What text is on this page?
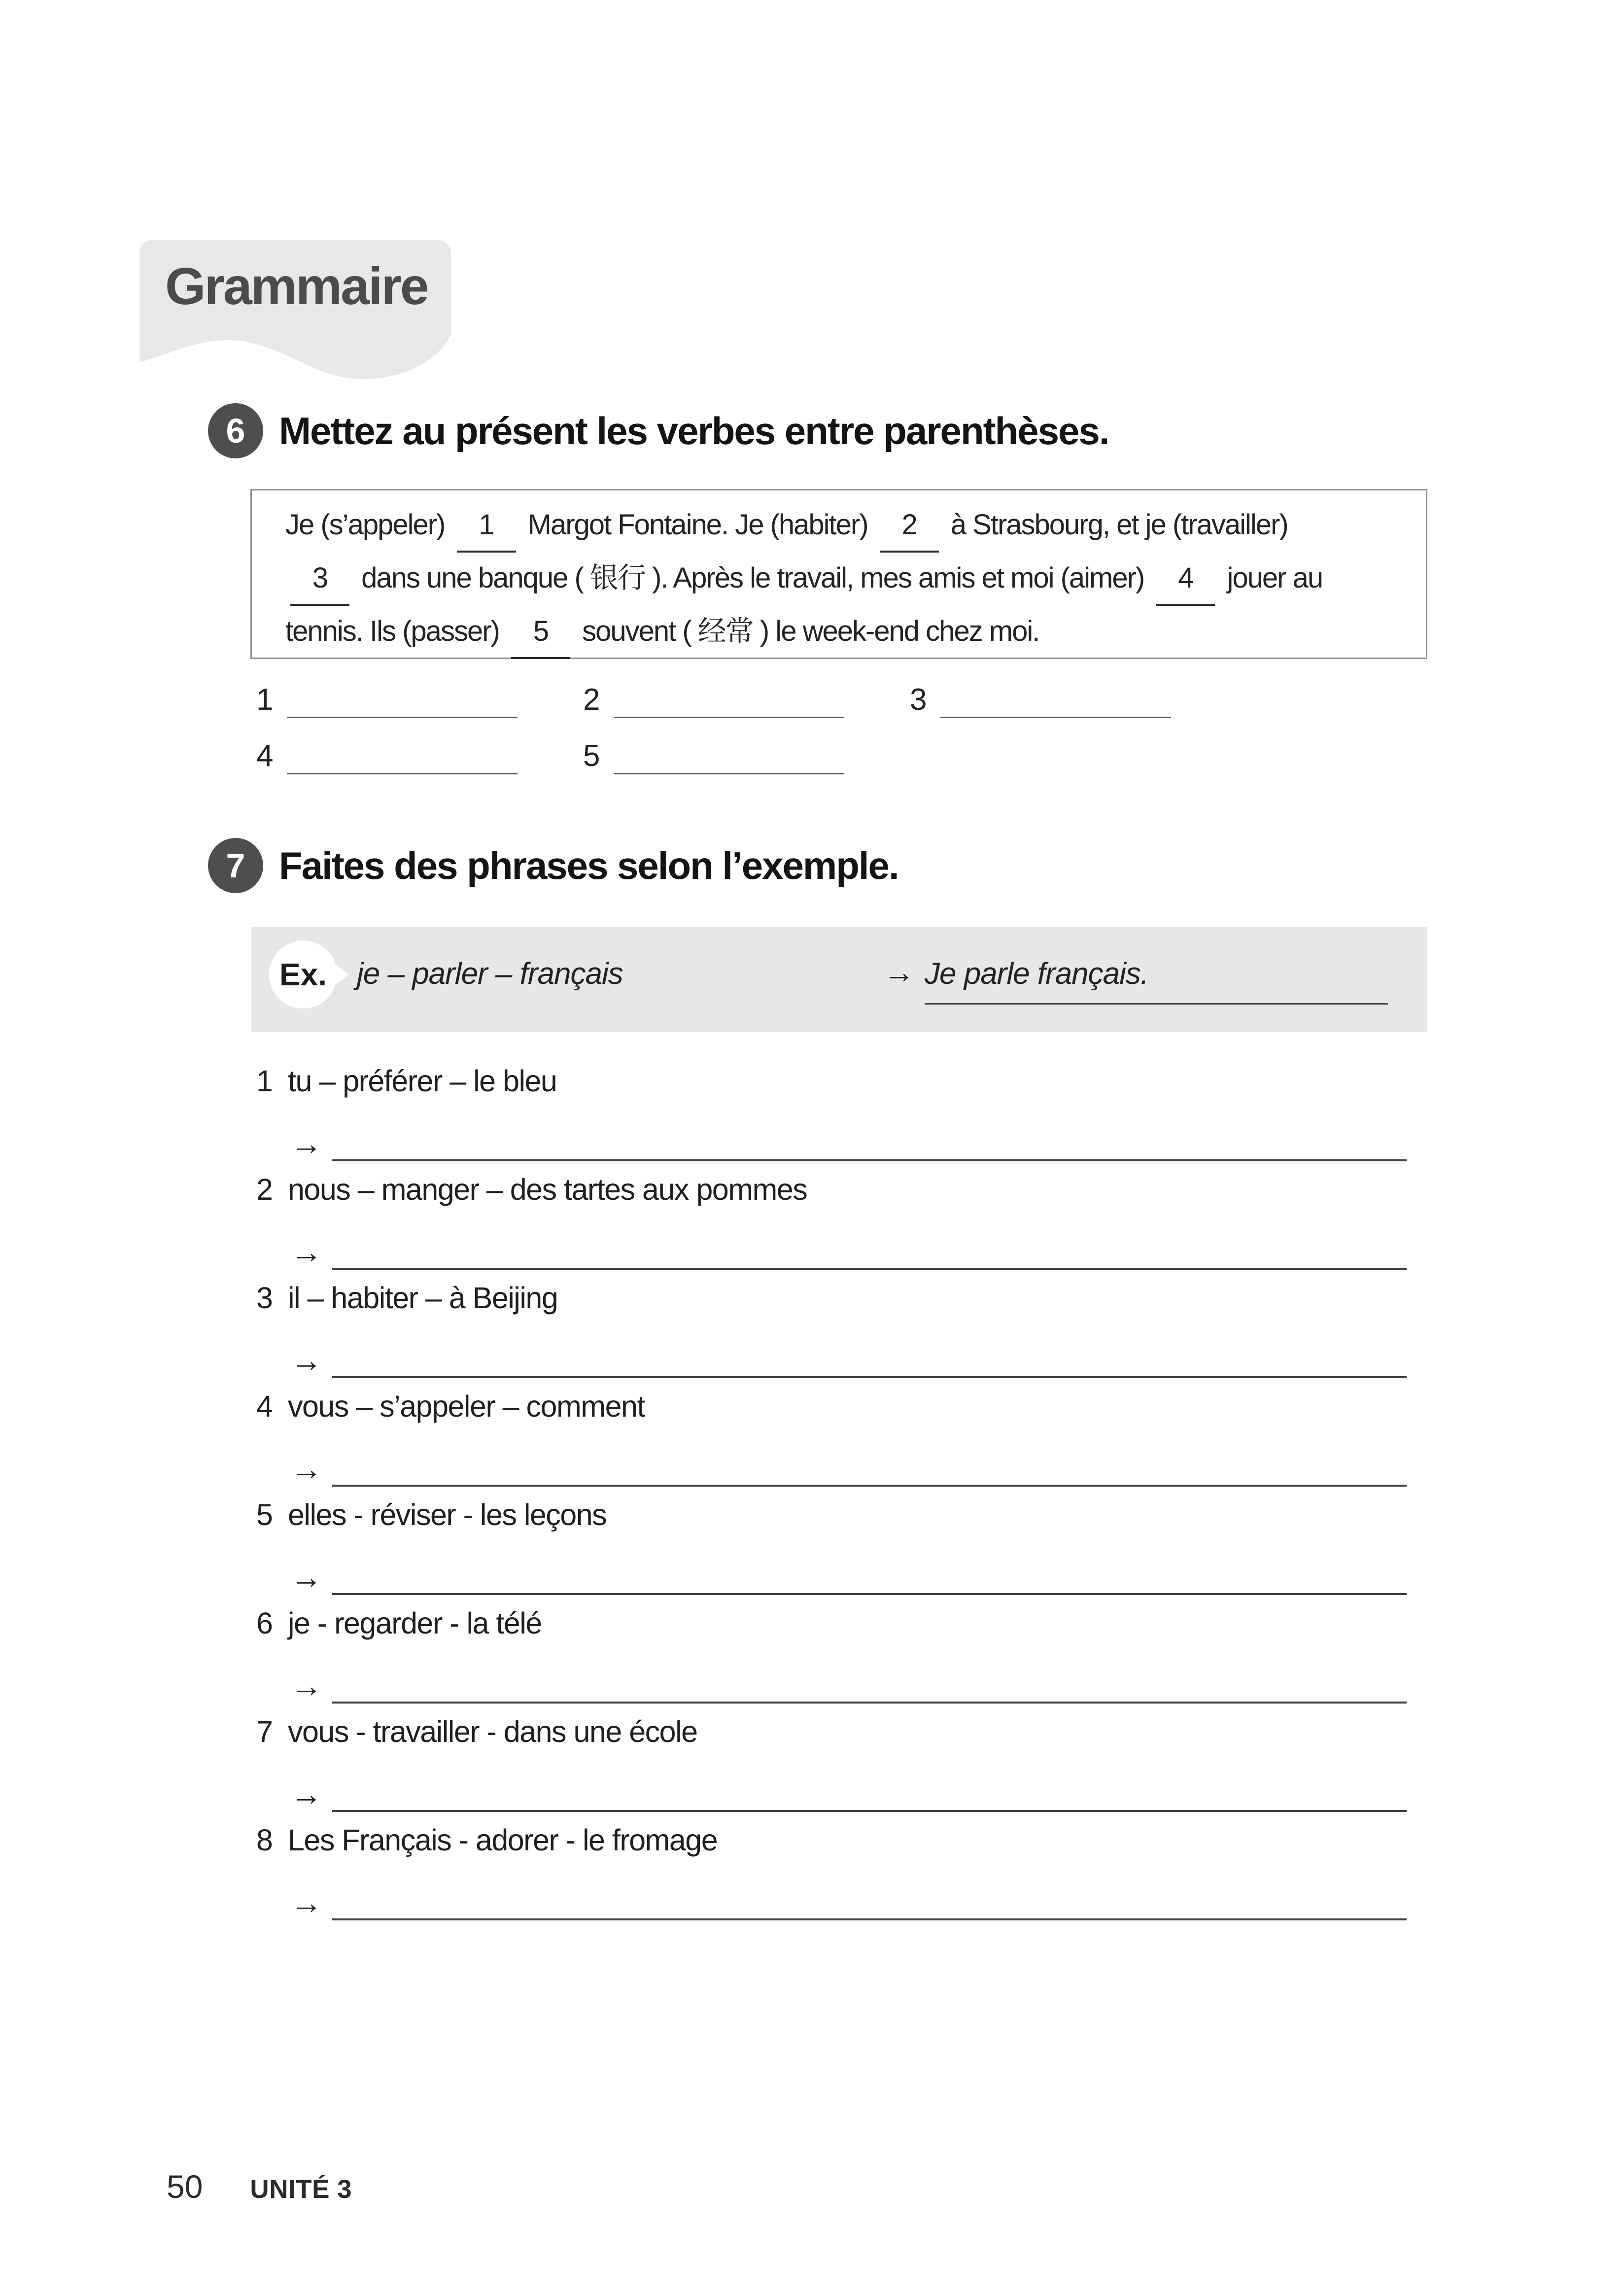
Grammaire
6 Mettez au présent les verbes entre parenthèses.
Je (s’appeler) 1 Margot Fontaine. Je (habiter) 2 à Strasbourg, et je (travailler)
3 dans une banque ( 银行 ). Après le travail, mes amis et moi (aimer) 4 jouer au
tennis. Ils (passer) 5 souvent ( 经常 ) le week-end chez moi.
1	2	3
4	5
7 Faites des phrases selon l’exemple.
Ex. je – parler – français	→ Je parle français.
1 tu – préférer – le bleu
→
2 nous – manger – des tartes aux pommes
→
3 il – habiter – à Beijing
→
4 vous – s’appeler – comment
→
5 elles - réviser - les leçons
→
6 je - regarder - la télé
→
7 vous - travailler - dans une école
→
8 Les Français - adorer - le fromage
→
50 UNITÉ 3
